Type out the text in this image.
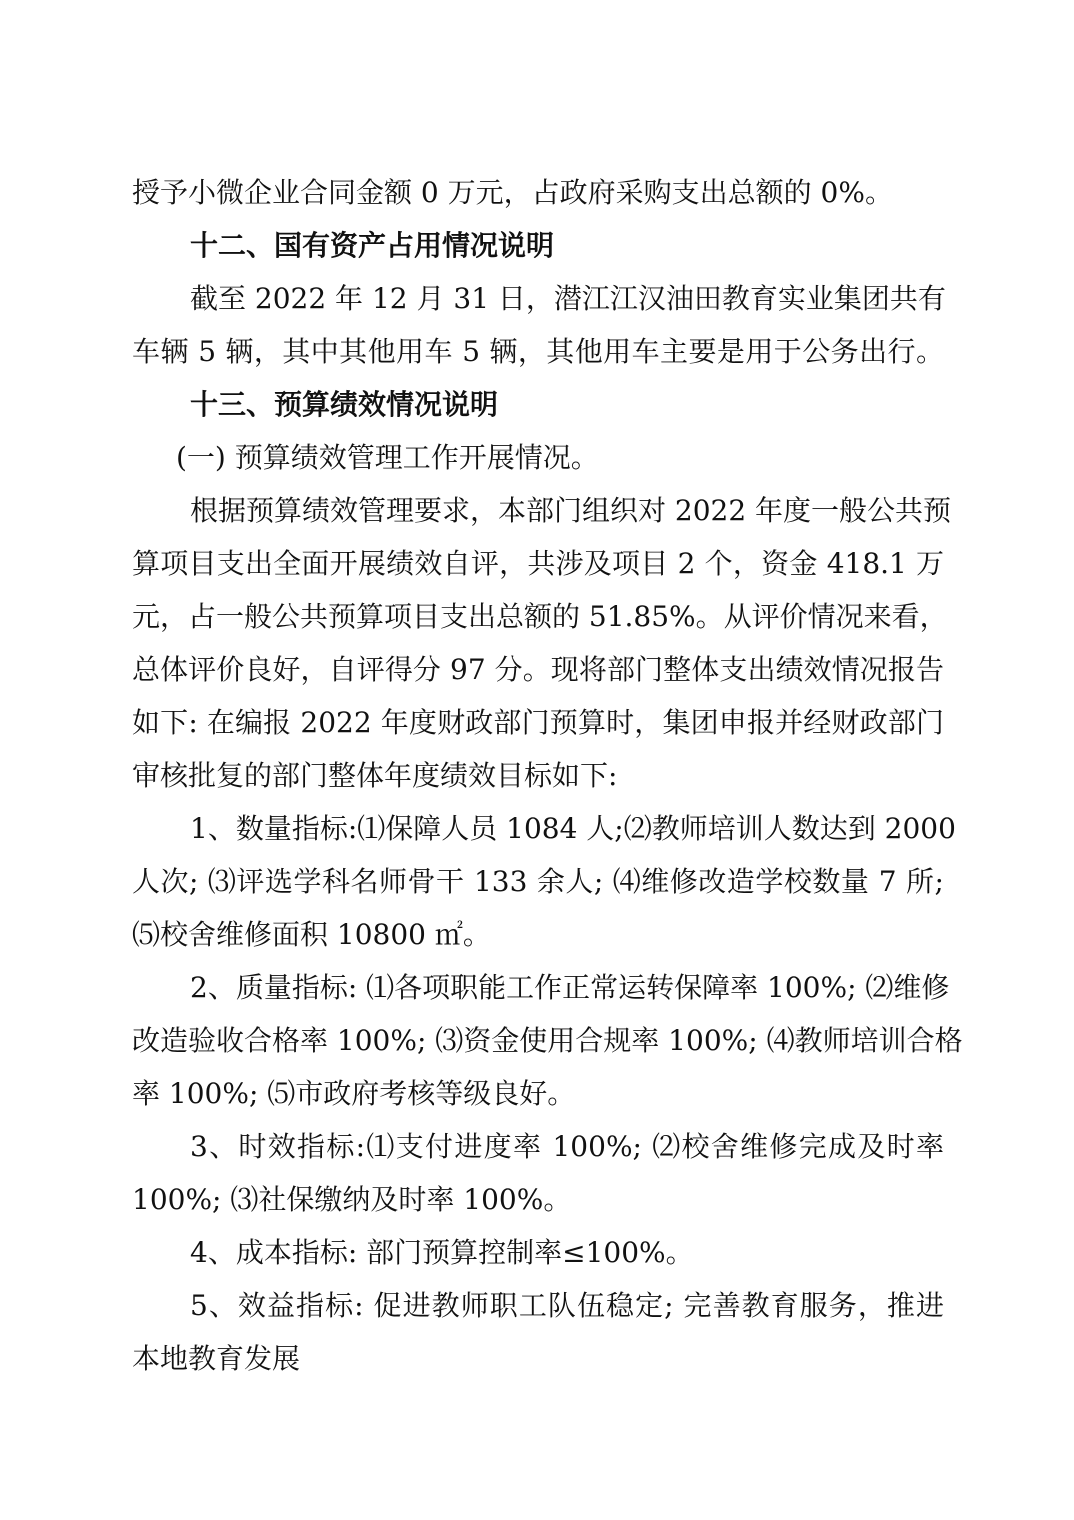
授予小微企业合同金额 0 万元，占政府采购支出总额的 0%。
十二、国有资产占用情况说明
截至 2022 年 12 月 31 日，潜江江汉油田教育实业集团共有
车辆 5 辆，其中其他用车 5 辆，其他用车主要是用于公务出行。
十三、预算绩效情况说明
(一) 预算绩效管理工作开展情况。
根据预算绩效管理要求，本部门组织对 2022 年度一般公共预
算项目支出全面开展绩效自评，共涉及项目 2 个，资金 418.1 万
元，占一般公共预算项目支出总额的 51.85%。从评价情况来看，
总体评价良好，自评得分 97 分。现将部门整体支出绩效情况报告
如下: 在编报 2022 年度财政部门预算时，集团申报并经财政部门
审核批复的部门整体年度绩效目标如下:
1、数量指标:⑴保障人员 1084 人;⑵教师培训人数达到 2000
人次; ⑶评选学科名师骨干 133 余人; ⑷维修改造学校数量 7 所;
⑸校舍维修面积 10800 ㎡。
2、质量指标: ⑴各项职能工作正常运转保障率 100%; ⑵维修
改造验收合格率 100%; ⑶资金使用合规率 100%; ⑷教师培训合格
率 100%; ⑸市政府考核等级良好。
3、时效指标:⑴支付进度率 100%; ⑵校舍维修完成及时率
100%; ⑶社保缴纳及时率 100%。
4、成本指标: 部门预算控制率≤100%。
5、效益指标: 促进教师职工队伍稳定; 完善教育服务，推进
本地教育发展
